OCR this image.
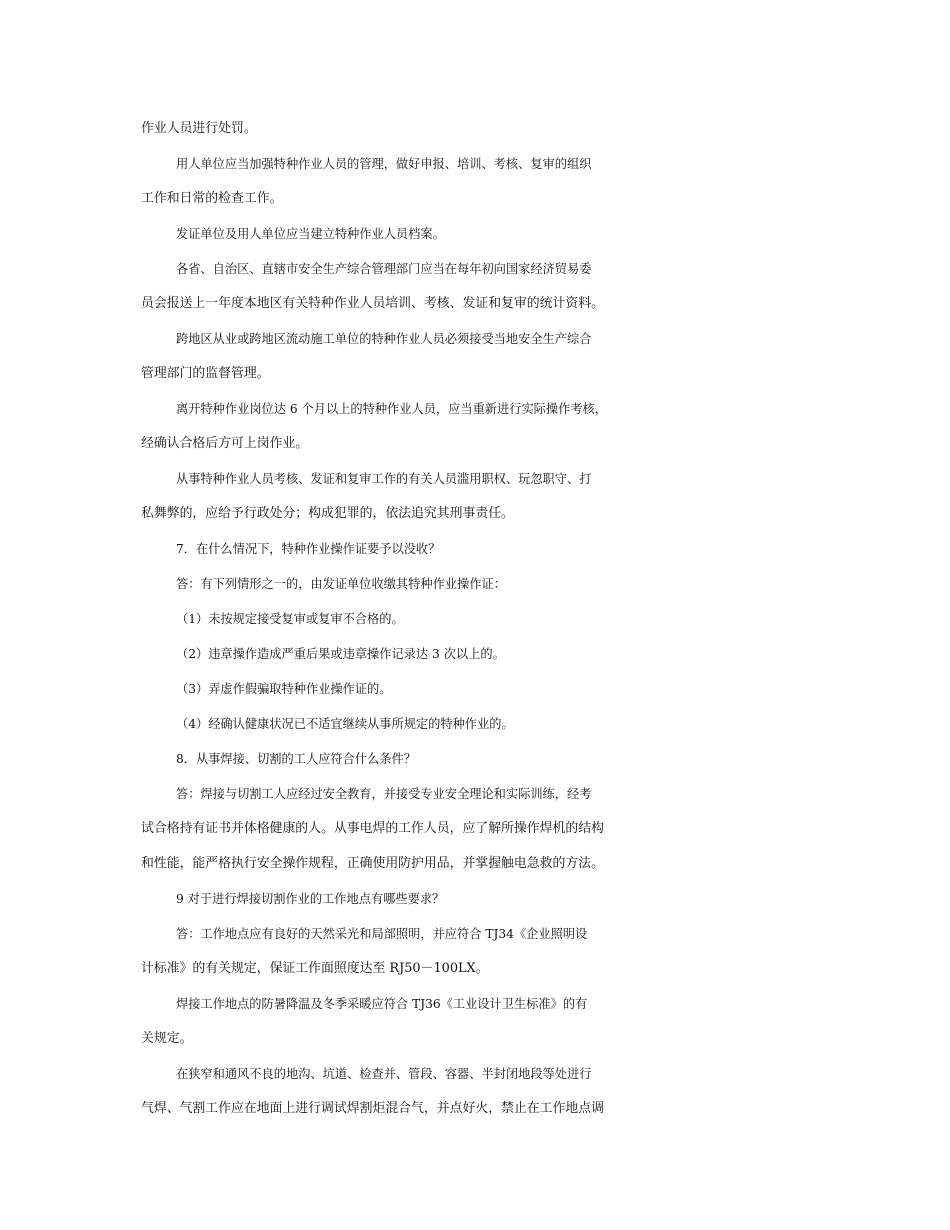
作业人员进行处罚。
用人单位应当加强特种作业人员的管理，做好申报、培训、考核、复审的组织
工作和日常的检查工作。
发证单位及用人单位应当建立特种作业人员档案。
各省、自治区、直辖市安全生产综合管理部门应当在每年初向国家经济贸易委
员会报送上一年度本地区有关特种作业人员培训、考核、发证和复审的统计资料。
跨地区从业或跨地区流动施工单位的特种作业人员必须接受当地安全生产综合
管理部门的监督管理。
离开特种作业岗位达 6 个月以上的特种作业人员，应当重新进行实际操作考核，
经确认合格后方可上岗作业。
从事特种作业人员考核、发证和复审工作的有关人员滥用职权、玩忽职守、打
私舞弊的，应给予行政处分；构成犯罪的，依法追究其刑事责任。
7．在什么情况下，特种作业操作证要予以没收？
答：有下列情形之一的，由发证单位收缴其特种作业操作证：
（1）未按规定接受复审或复审不合格的。
（2）违章操作造成严重后果或违章操作记录达 3 次以上的。
（3）弄虚作假骗取特种作业操作证的。
（4）经确认健康状况已不适宜继续从事所规定的特种作业的。
8．从事焊接、切割的工人应符合什么条件？
答：焊接与切割工人应经过安全教育，并接受专业安全理论和实际训练，经考
试合格持有证书并体格健康的人。从事电焊的工作人员，应了解所操作焊机的结构
和性能，能严格执行安全操作规程，正确使用防护用品，并掌握触电急救的方法。
9 对于进行焊接切割作业的工作地点有哪些要求？
答：工作地点应有良好的天然采光和局部照明，并应符合 TJ34《企业照明设
计标准》的有关规定，保证工作面照度达至 RJ50－100LX。
焊接工作地点的防暑降温及冬季采暖应符合 TJ36《工业设计卫生标准》的有
关规定。
在狭窄和通风不良的地沟、坑道、检查并、管段、容器、半封闭地段等处进行
气焊、气割工作应在地面上进行调试焊割炬混合气，并点好火，禁止在工作地点调
